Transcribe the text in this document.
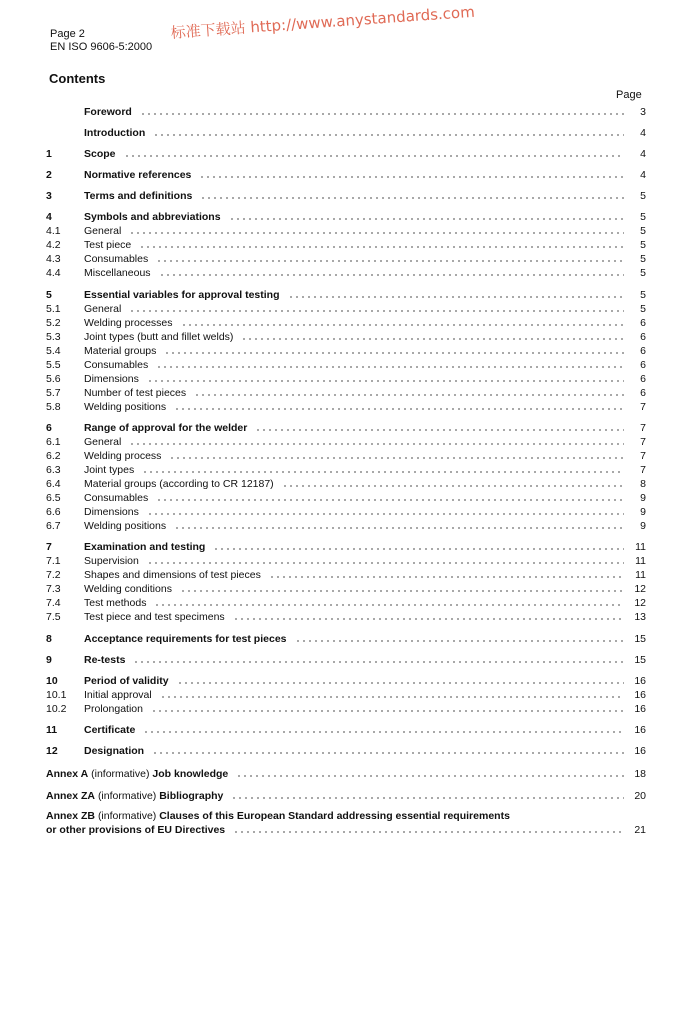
Page 2
EN ISO 9606-5:2000
标准下载站 http://www.anystandards.com
Contents
Page
Foreword	3
Introduction	4
1	Scope	4
2	Normative references	4
3	Terms and definitions	5
4	Symbols and abbreviations	5
4.1	General	5
4.2	Test piece	5
4.3	Consumables	5
4.4	Miscellaneous	5
5	Essential variables for approval testing	5
5.1	General	5
5.2	Welding processes	6
5.3	Joint types (butt and fillet welds)	6
5.4	Material groups	6
5.5	Consumables	6
5.6	Dimensions	6
5.7	Number of test pieces	6
5.8	Welding positions	7
6	Range of approval for the welder	7
6.1	General	7
6.2	Welding process	7
6.3	Joint types	7
6.4	Material groups (according to CR 12187)	8
6.5	Consumables	9
6.6	Dimensions	9
6.7	Welding positions	9
7	Examination and testing	11
7.1	Supervision	11
7.2	Shapes and dimensions of test pieces	11
7.3	Welding conditions	12
7.4	Test methods	12
7.5	Test piece and test specimens	13
8	Acceptance requirements for test pieces	15
9	Re-tests	15
10	Period of validity	16
10.1	Initial approval	16
10.2	Prolongation	16
11	Certificate	16
12	Designation	16
Annex A (informative) Job knowledge	18
Annex ZA (informative) Bibliography	20
Annex ZB (informative) Clauses of this European Standard addressing essential requirements
or other provisions of EU Directives	21
